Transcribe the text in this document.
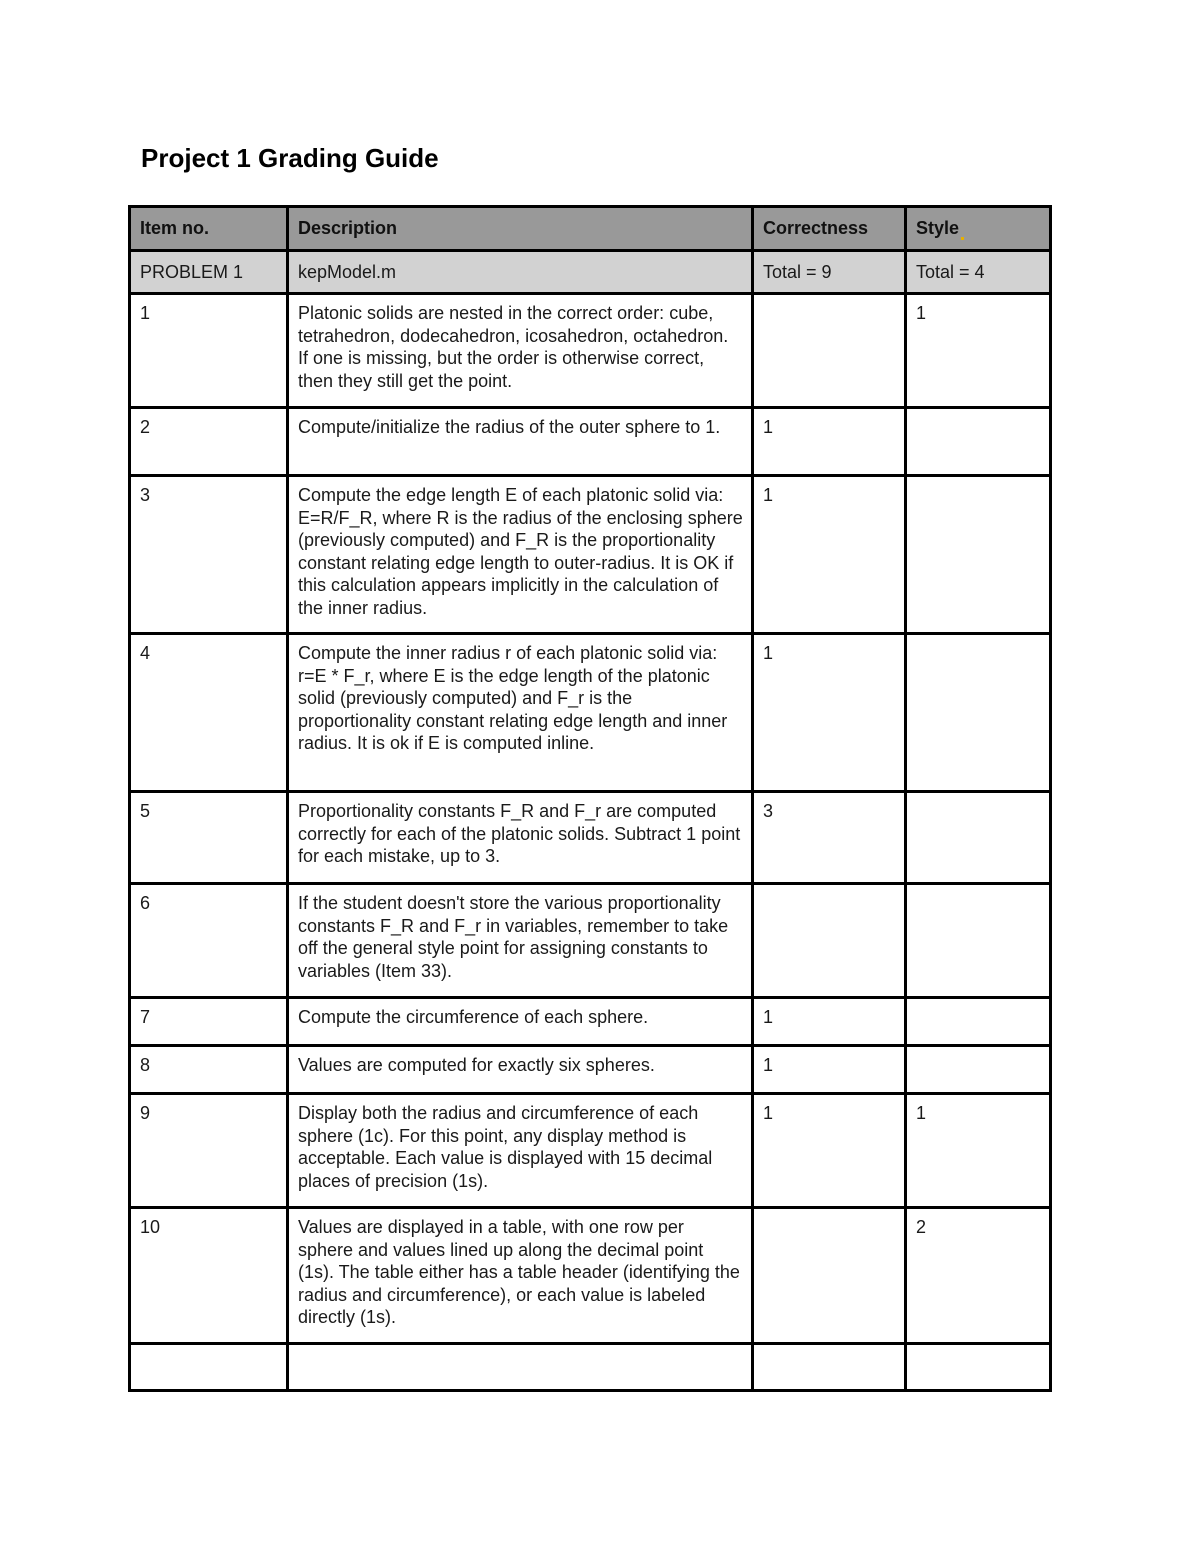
Project 1 Grading Guide
Item no.	Description	Correctness	Style
PROBLEM 1	kepModel.m	Total = 9	Total = 4
1	Platonic solids are nested in the correct order: cube, tetrahedron, dodecahedron, icosahedron, octahedron. If one is missing, but the order is otherwise correct, then they still get the point.		1
2	Compute/initialize the radius of the outer sphere to 1.	1	
3	Compute the edge length E of each platonic solid via: E=R/F_R, where R is the radius of the enclosing sphere (previously computed) and F_R is the proportionality constant relating edge length to outer-radius. It is OK if this calculation appears implicitly in the calculation of the inner radius.	1	
4	Compute the inner radius r of each platonic solid via: r=E * F_r, where E is the edge length of the platonic solid (previously computed) and F_r is the proportionality constant relating edge length and inner radius. It is ok if E is computed inline.	1	
5	Proportionality constants F_R and F_r are computed correctly for each of the platonic solids. Subtract 1 point for each mistake, up to 3.	3	
6	If the student doesn't store the various proportionality constants F_R and F_r in variables, remember to take off the general style point for assigning constants to variables (Item 33).		
7	Compute the circumference of each sphere.	1	
8	Values are computed for exactly six spheres.	1	
9	Display both the radius and circumference of each sphere (1c). For this point, any display method is acceptable. Each value is displayed with 15 decimal places of precision (1s).	1	1
10	Values are displayed in a table, with one row per sphere and values lined up along the decimal point (1s). The table either has a table header (identifying the radius and circumference), or each value is labeled directly (1s).		2
